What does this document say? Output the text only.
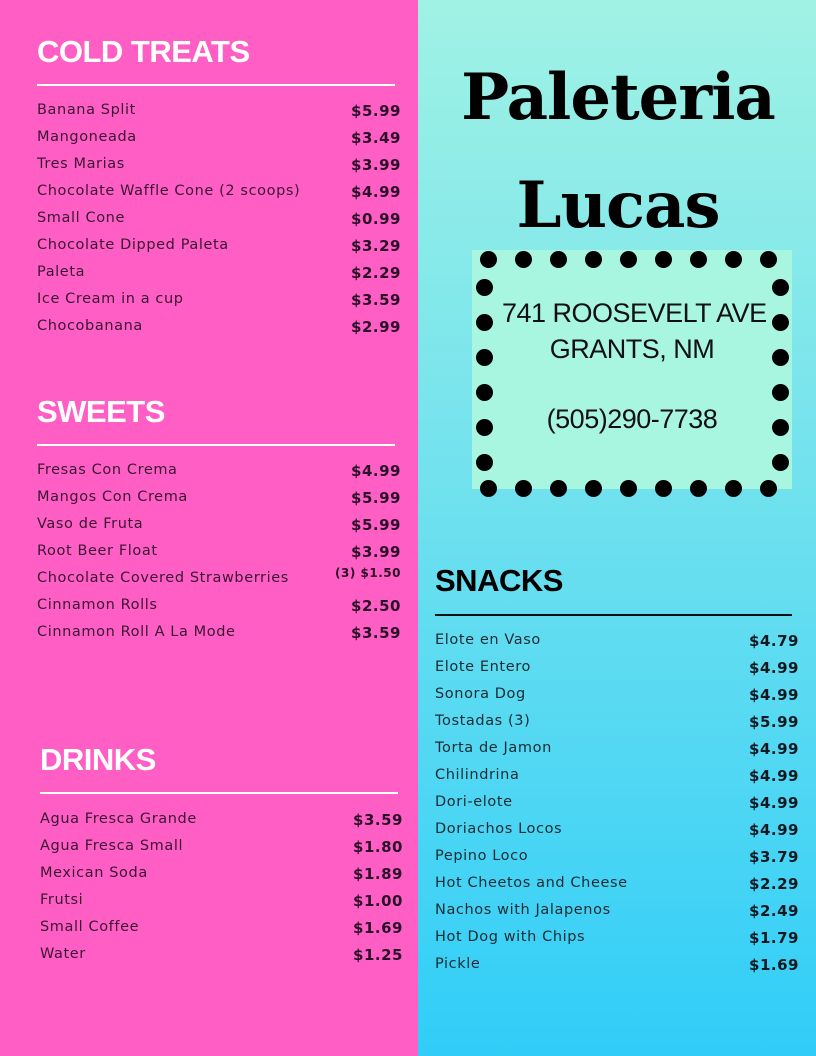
COLD TREATS
Banana Split	$5.99
Mangoneada	$3.49
Tres Marias	$3.99
Chocolate Waffle Cone (2 scoops)	$4.99
Small Cone	$0.99
Chocolate Dipped Paleta	$3.29
Paleta	$2.29
Ice Cream in a cup	$3.59
Chocobanana	$2.99
SWEETS
Fresas Con Crema	$4.99
Mangos Con Crema	$5.99
Vaso de Fruta	$5.99
Root Beer Float	$3.99
Chocolate Covered Strawberries	(3) $1.50
Cinnamon Rolls	$2.50
Cinnamon Roll A La Mode	$3.59
DRINKS
Agua Fresca Grande	$3.59
Agua Fresca Small	$1.80
Mexican Soda	$1.89
Frutsi	$1.00
Small Coffee	$1.69
Water	$1.25
741 ROOSEVELT AVE
GRANTS, NM
(505)290-7738
SNACKS
Elote en Vaso	$4.79
Elote Entero	$4.99
Sonora Dog	$4.99
Tostadas (3)	$5.99
Torta de Jamon	$4.99
Chilindrina	$4.99
Dori-elote	$4.99
Doriachos Locos	$4.99
Pepino Loco	$3.79
Hot Cheetos and Cheese	$2.29
Nachos with Jalapenos	$2.49
Hot Dog with Chips	$1.79
Pickle	$1.69
Paleteria
Lucas
